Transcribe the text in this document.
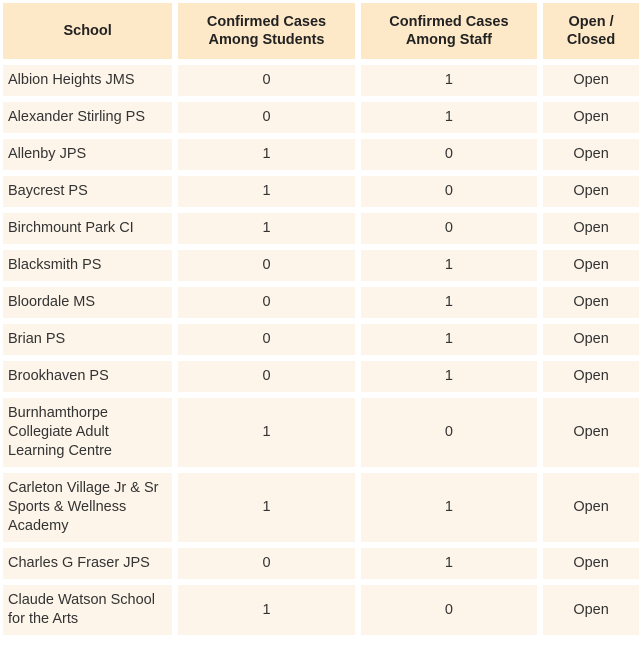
School	Confirmed Cases Among Students	Confirmed Cases Among Staff	Open / Closed
Albion Heights JMS	0	1	Open
Alexander Stirling PS	0	1	Open
Allenby JPS	1	0	Open
Baycrest PS	1	0	Open
Birchmount Park CI	1	0	Open
Blacksmith PS	0	1	Open
Bloordale MS	0	1	Open
Brian PS	0	1	Open
Brookhaven PS	0	1	Open
Burnhamthorpe Collegiate Adult Learning Centre	1	0	Open
Carleton Village Jr & Sr Sports & Wellness Academy	1	1	Open
Charles G Fraser JPS	0	1	Open
Claude Watson School for the Arts	1	0	Open
